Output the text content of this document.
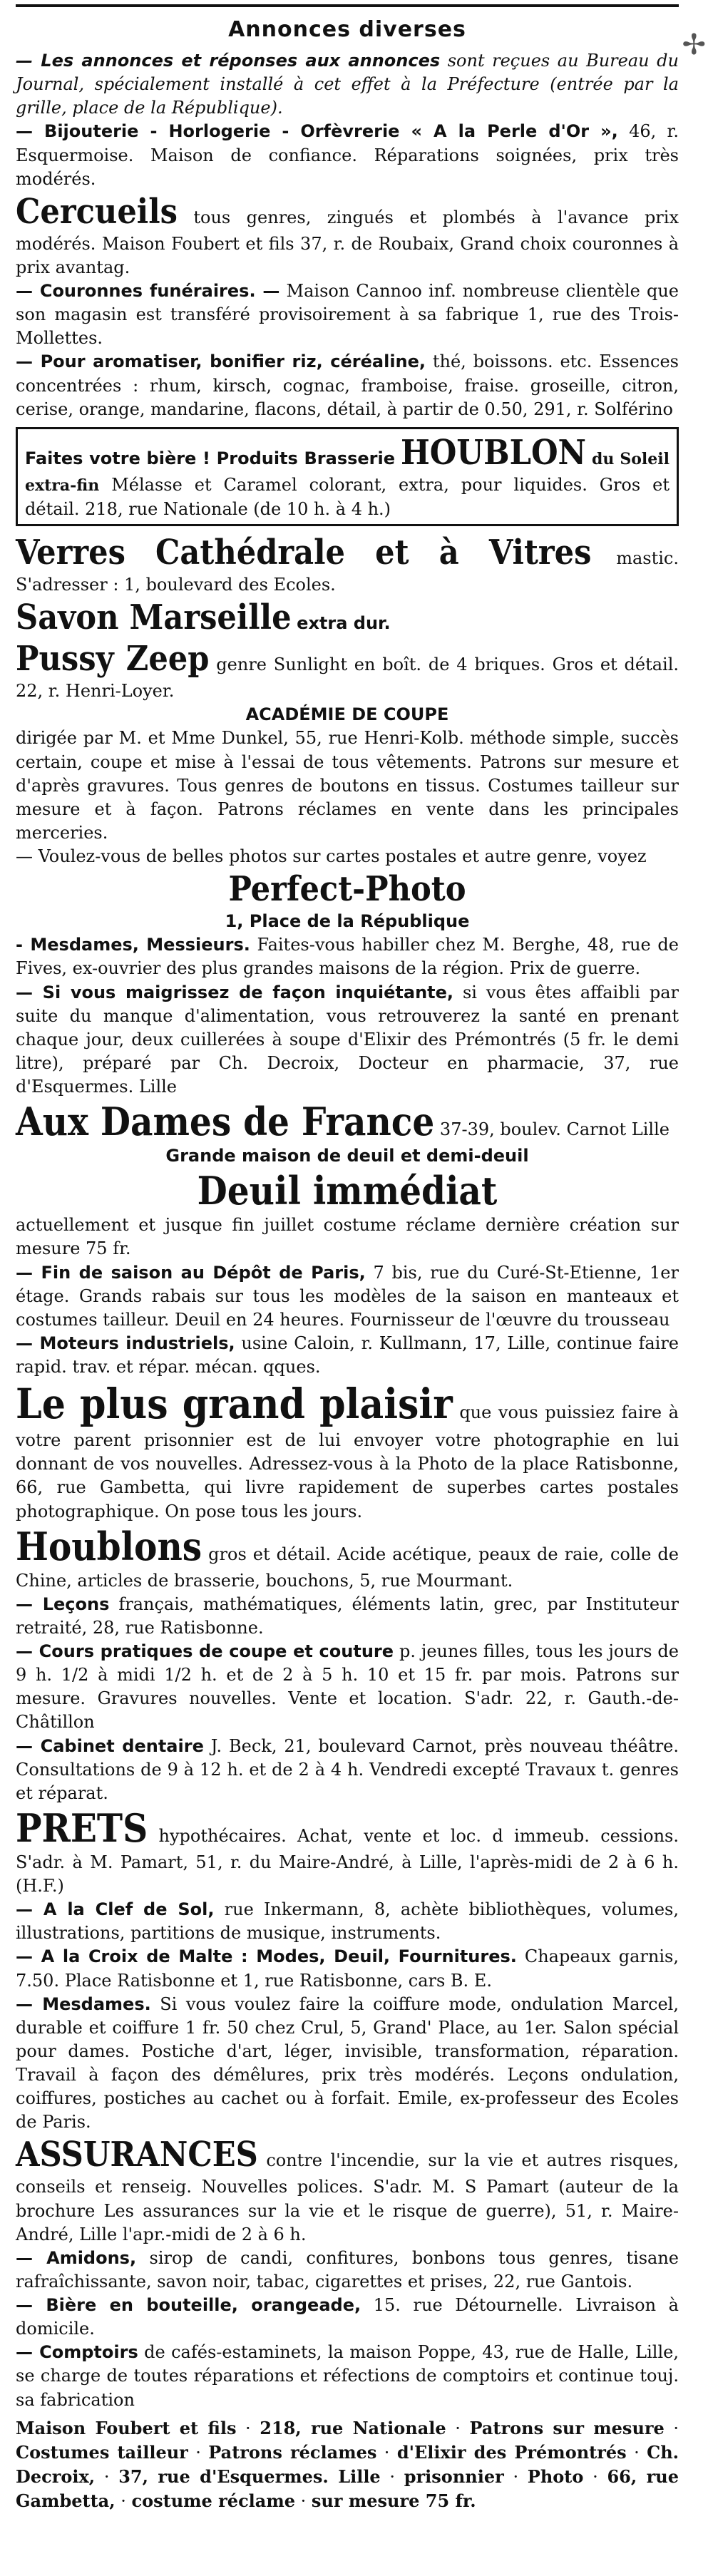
Annonces diverses

— Les annonces et réponses aux annonces sont reçues au Bureau du Journal, spécialement installé à cet effet à la Préfecture (entrée par la grille, place de la République).

— Bijouterie - Horlogerie - Orfèvrerie « A la Perle d'Or », 46, r. Esquermoise. Maison de confiance. Réparations soignées, prix très modérés.

Cercueils tous genres, zingués et plombés à l'avance prix modérés. Maison Foubert et fils 37, r. de Roubaix, Grand choix couronnes à prix avantag.

— Couronnes funéraires. — Maison Cannoo inf. nombreuse clientèle que son magasin est transféré provisoirement à sa fabrique 1, rue des Trois-Mollettes.

— Pour aromatiser, bonifier riz, céréaline, thé, boissons. etc. Essences concentrées : rhum, kirsch, cognac, framboise, fraise. groseille, citron, cerise, orange, mandarine, flacons, détail, à partir de 0.50, 291, r. Solférino

Faites votre bière ! Produits Brasserie HOUBLON du Soleil extra-fin Mélasse et Caramel colorant, extra, pour liquides. Gros et détail. 218, rue Nationale (de 10 h. à 4 h.)

Verres Cathédrale et à Vitres mastic. S'adresser : 1, boulevard des Ecoles.

Savon Marseille extra dur.

Pussy Zeep genre Sunlight en boît. de 4 briques. Gros et détail. 22, r. Henri-Loyer.

ACADÉMIE DE COUPE
dirigée par M. et Mme Dunkel, 55, rue Henri-Kolb. méthode simple, succès certain, coupe et mise à l'essai de tous vêtements. Patrons sur mesure et d'après gravures. Tous genres de boutons en tissus. Costumes tailleur sur mesure et à façon. Patrons réclames en vente dans les principales merceries.

— Voulez-vous de belles photos sur cartes postales et autre genre, voyez
Perfect-Photo
1, Place de la République

- Mesdames, Messieurs. Faites-vous habiller chez M. Berghe, 48, rue de Fives, ex-ouvrier des plus grandes maisons de la région. Prix de guerre.

— Si vous maigrissez de façon inquiétante, si vous êtes affaibli par suite du manque d'alimentation, vous retrouverez la santé en prenant chaque jour, deux cuillerées à soupe d'Elixir des Prémontrés (5 fr. le demi litre), préparé par Ch. Decroix, Docteur en pharmacie, 37, rue d'Esquermes. Lille

Aux Dames de France 37-39, boulev. Carnot Lille
Grande maison de deuil et demi-deuil

Deuil immédiat
actuellement et jusque fin juillet costume réclame dernière création sur mesure 75 fr.

— Fin de saison au Dépôt de Paris, 7 bis, rue du Curé-St-Etienne, 1er étage. Grands rabais sur tous les modèles de la saison en manteaux et costumes tailleur. Deuil en 24 heures. Fournisseur de l'œuvre du trousseau

— Moteurs industriels, usine Caloin, r. Kullmann, 17, Lille, continue faire rapid. trav. et répar. mécan. qques.

Le plus grand plaisir que vous puissiez faire à votre parent prisonnier est de lui envoyer votre photographie en lui donnant de vos nouvelles. Adressez-vous à la Photo de la place Ratisbonne, 66, rue Gambetta, qui livre rapidement de superbes cartes postales photographique. On pose tous les jours.

Houblons gros et détail. Acide acétique, peaux de raie, colle de Chine, articles de brasserie, bouchons, 5, rue Mourmant.

— Leçons français, mathématiques, éléments latin, grec, par Instituteur retraité, 28, rue Ratisbonne.

— Cours pratiques de coupe et couture p. jeunes filles, tous les jours de 9 h. 1/2 à midi 1/2 h. et de 2 à 5 h. 10 et 15 fr. par mois. Patrons sur mesure. Gravures nouvelles. Vente et location. S'adr. 22, r. Gauth.-de-Châtillon

— Cabinet dentaire J. Beck, 21, boulevard Carnot, près nouveau théâtre. Consultations de 9 à 12 h. et de 2 à 4 h. Vendredi excepté Travaux t. genres et réparat.

PRETS hypothécaires. Achat, vente et loc. d immeub. cessions. S'adr. à M. Pamart, 51, r. du Maire-André, à Lille, l'après-midi de 2 à 6 h. (H.F.)

— A la Clef de Sol, rue Inkermann, 8, achète bibliothèques, volumes, illustrations, partitions de musique, instruments.

— A la Croix de Malte : Modes, Deuil, Fournitures. Chapeaux garnis, 7.50. Place Ratisbonne et 1, rue Ratisbonne, cars B. E.

— Mesdames. Si vous voulez faire la coiffure mode, ondulation Marcel, durable et coiffure 1 fr. 50 chez Crul, 5, Grand' Place, au 1er. Salon spécial pour dames. Postiche d'art, léger, invisible, transformation, réparation. Travail à façon des démêlures, prix très modérés. Leçons ondulation, coiffures, postiches au cachet ou à forfait. Emile, ex-professeur des Ecoles de Paris.

ASSURANCES contre l'incendie, sur la vie et autres risques, conseils et renseig. Nouvelles polices. S'adr. M. S Pamart (auteur de la brochure Les assurances sur la vie et le risque de guerre), 51, r. Maire-André, Lille l'apr.-midi de 2 à 6 h.

— Amidons, sirop de candi, confitures, bonbons tous genres, tisane rafraîchissante, savon noir, tabac, cigarettes et prises, 22, rue Gantois.

— Bière en bouteille, orangeade, 15. rue Détournelle. Livraison à domicile.

— Comptoirs de cafés-estaminets, la maison Poppe, 43, rue de Halle, Lille, se charge de toutes réparations et réfections de comptoirs et continue touj. sa fabrication

Maison Foubert et fils · 218, rue Nationale · Patrons sur mesure · Costumes tailleur · Patrons réclames · d'Elixir des Prémontrés · Ch. Decroix, · 37, rue d'Esquermes. Lille · prisonnier · Photo · 66, rue Gambetta, · costume réclame · sur mesure 75 fr.

✢
